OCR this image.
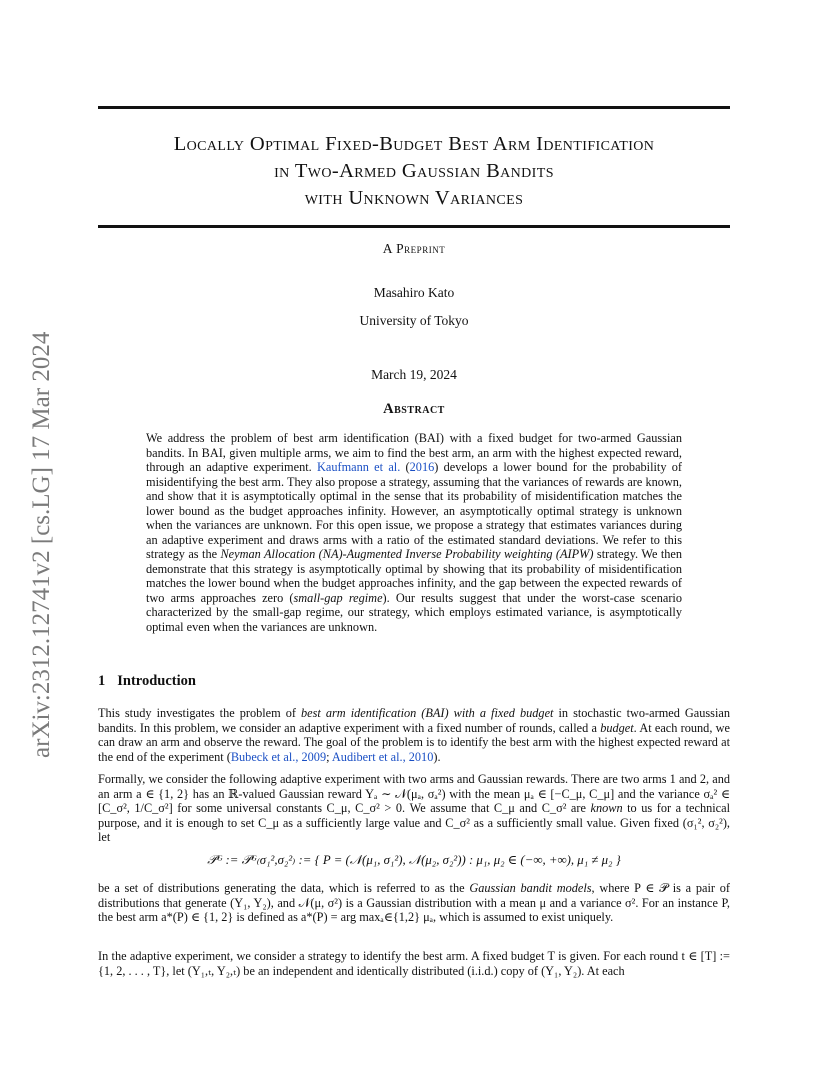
Locally Optimal Fixed-Budget Best Arm Identification
in Two-Armed Gaussian Bandits
with Unknown Variances
A Preprint
Masahiro Kato
University of Tokyo
March 19, 2024
Abstract
arXiv:2312.12741v2 [cs.LG] 17 Mar 2024	We address the problem of best arm identification (BAI) with a fixed budget for two-armed Gaussian bandits. In BAI, given multiple arms, we aim to find the best arm, an arm with the highest expected reward, through an adaptive experiment. Kaufmann et al. (2016) develops a lower bound for the probability of misidentifying the best arm. They also propose a strategy, assuming that the variances of rewards are known, and show that it is asymptotically optimal in the sense that its probability of misidentification matches the lower bound as the budget approaches infinity. However, an asymptotically optimal strategy is unknown when the variances are unknown. For this open issue, we propose a strategy that estimates variances during an adaptive experiment and draws arms with a ratio of the estimated standard deviations. We refer to this strategy as the Neyman Allocation (NA)-Augmented Inverse Probability weighting (AIPW) strategy. We then demonstrate that this strategy is asymptotically optimal by showing that its probability of misidentification matches the lower bound when the budget approaches infinity, and the gap between the expected rewards of two arms approaches zero (small-gap regime). Our results suggest that under the worst-case scenario characterized by the small-gap regime, our strategy, which employs estimated variance, is asymptotically optimal even when the variances are unknown.
1 Introduction
This study investigates the problem of best arm identification (BAI) with a fixed budget in stochastic two-armed Gaussian bandits. In this problem, we consider an adaptive experiment with a fixed number of rounds, called a budget. At each round, we can draw an arm and observe the reward. The goal of the problem is to identify the best arm with the highest expected reward at the end of the experiment (Bubeck et al., 2009; Audibert et al., 2010).
Formally, we consider the following adaptive experiment with two arms and Gaussian rewards. There are two arms 1 and 2, and an arm a ∈ {1, 2} has an ℝ-valued Gaussian reward Yₐ ∼ 𝒩(μₐ, σₐ²) with the mean μₐ ∈ [−C_μ, C_μ] and the variance σₐ² ∈ [C_σ², 1/C_σ²] for some universal constants C_μ, C_σ² > 0. We assume that C_μ and C_σ² are known to us for a technical purpose, and it is enough to set C_μ as a sufficiently large value and C_σ² as a sufficiently small value. Given fixed (σ₁², σ₂²), let
𝒫ᴳ := 𝒫ᴳ₍σ₁²,σ₂²₎ := { P = (𝒩(μ₁, σ₁²), 𝒩(μ₂, σ₂²)) : μ₁, μ₂ ∈ (−∞, +∞), μ₁ ≠ μ₂ }
be a set of distributions generating the data, which is referred to as the Gaussian bandit models, where P ∈ 𝒫 is a pair of distributions that generate (Y₁, Y₂), and 𝒩(μ, σ²) is a Gaussian distribution with a mean μ and a variance σ². For an instance P, the best arm a*(P) ∈ {1, 2} is defined as a*(P) = arg maxₐ∈{1,2} μₐ, which is assumed to exist uniquely.
In the adaptive experiment, we consider a strategy to identify the best arm. A fixed budget T is given. For each round t ∈ [T] := {1, 2, . . . , T}, let (Y₁,ₜ, Y₂,ₜ) be an independent and identically distributed (i.i.d.) copy of (Y₁, Y₂). At each
